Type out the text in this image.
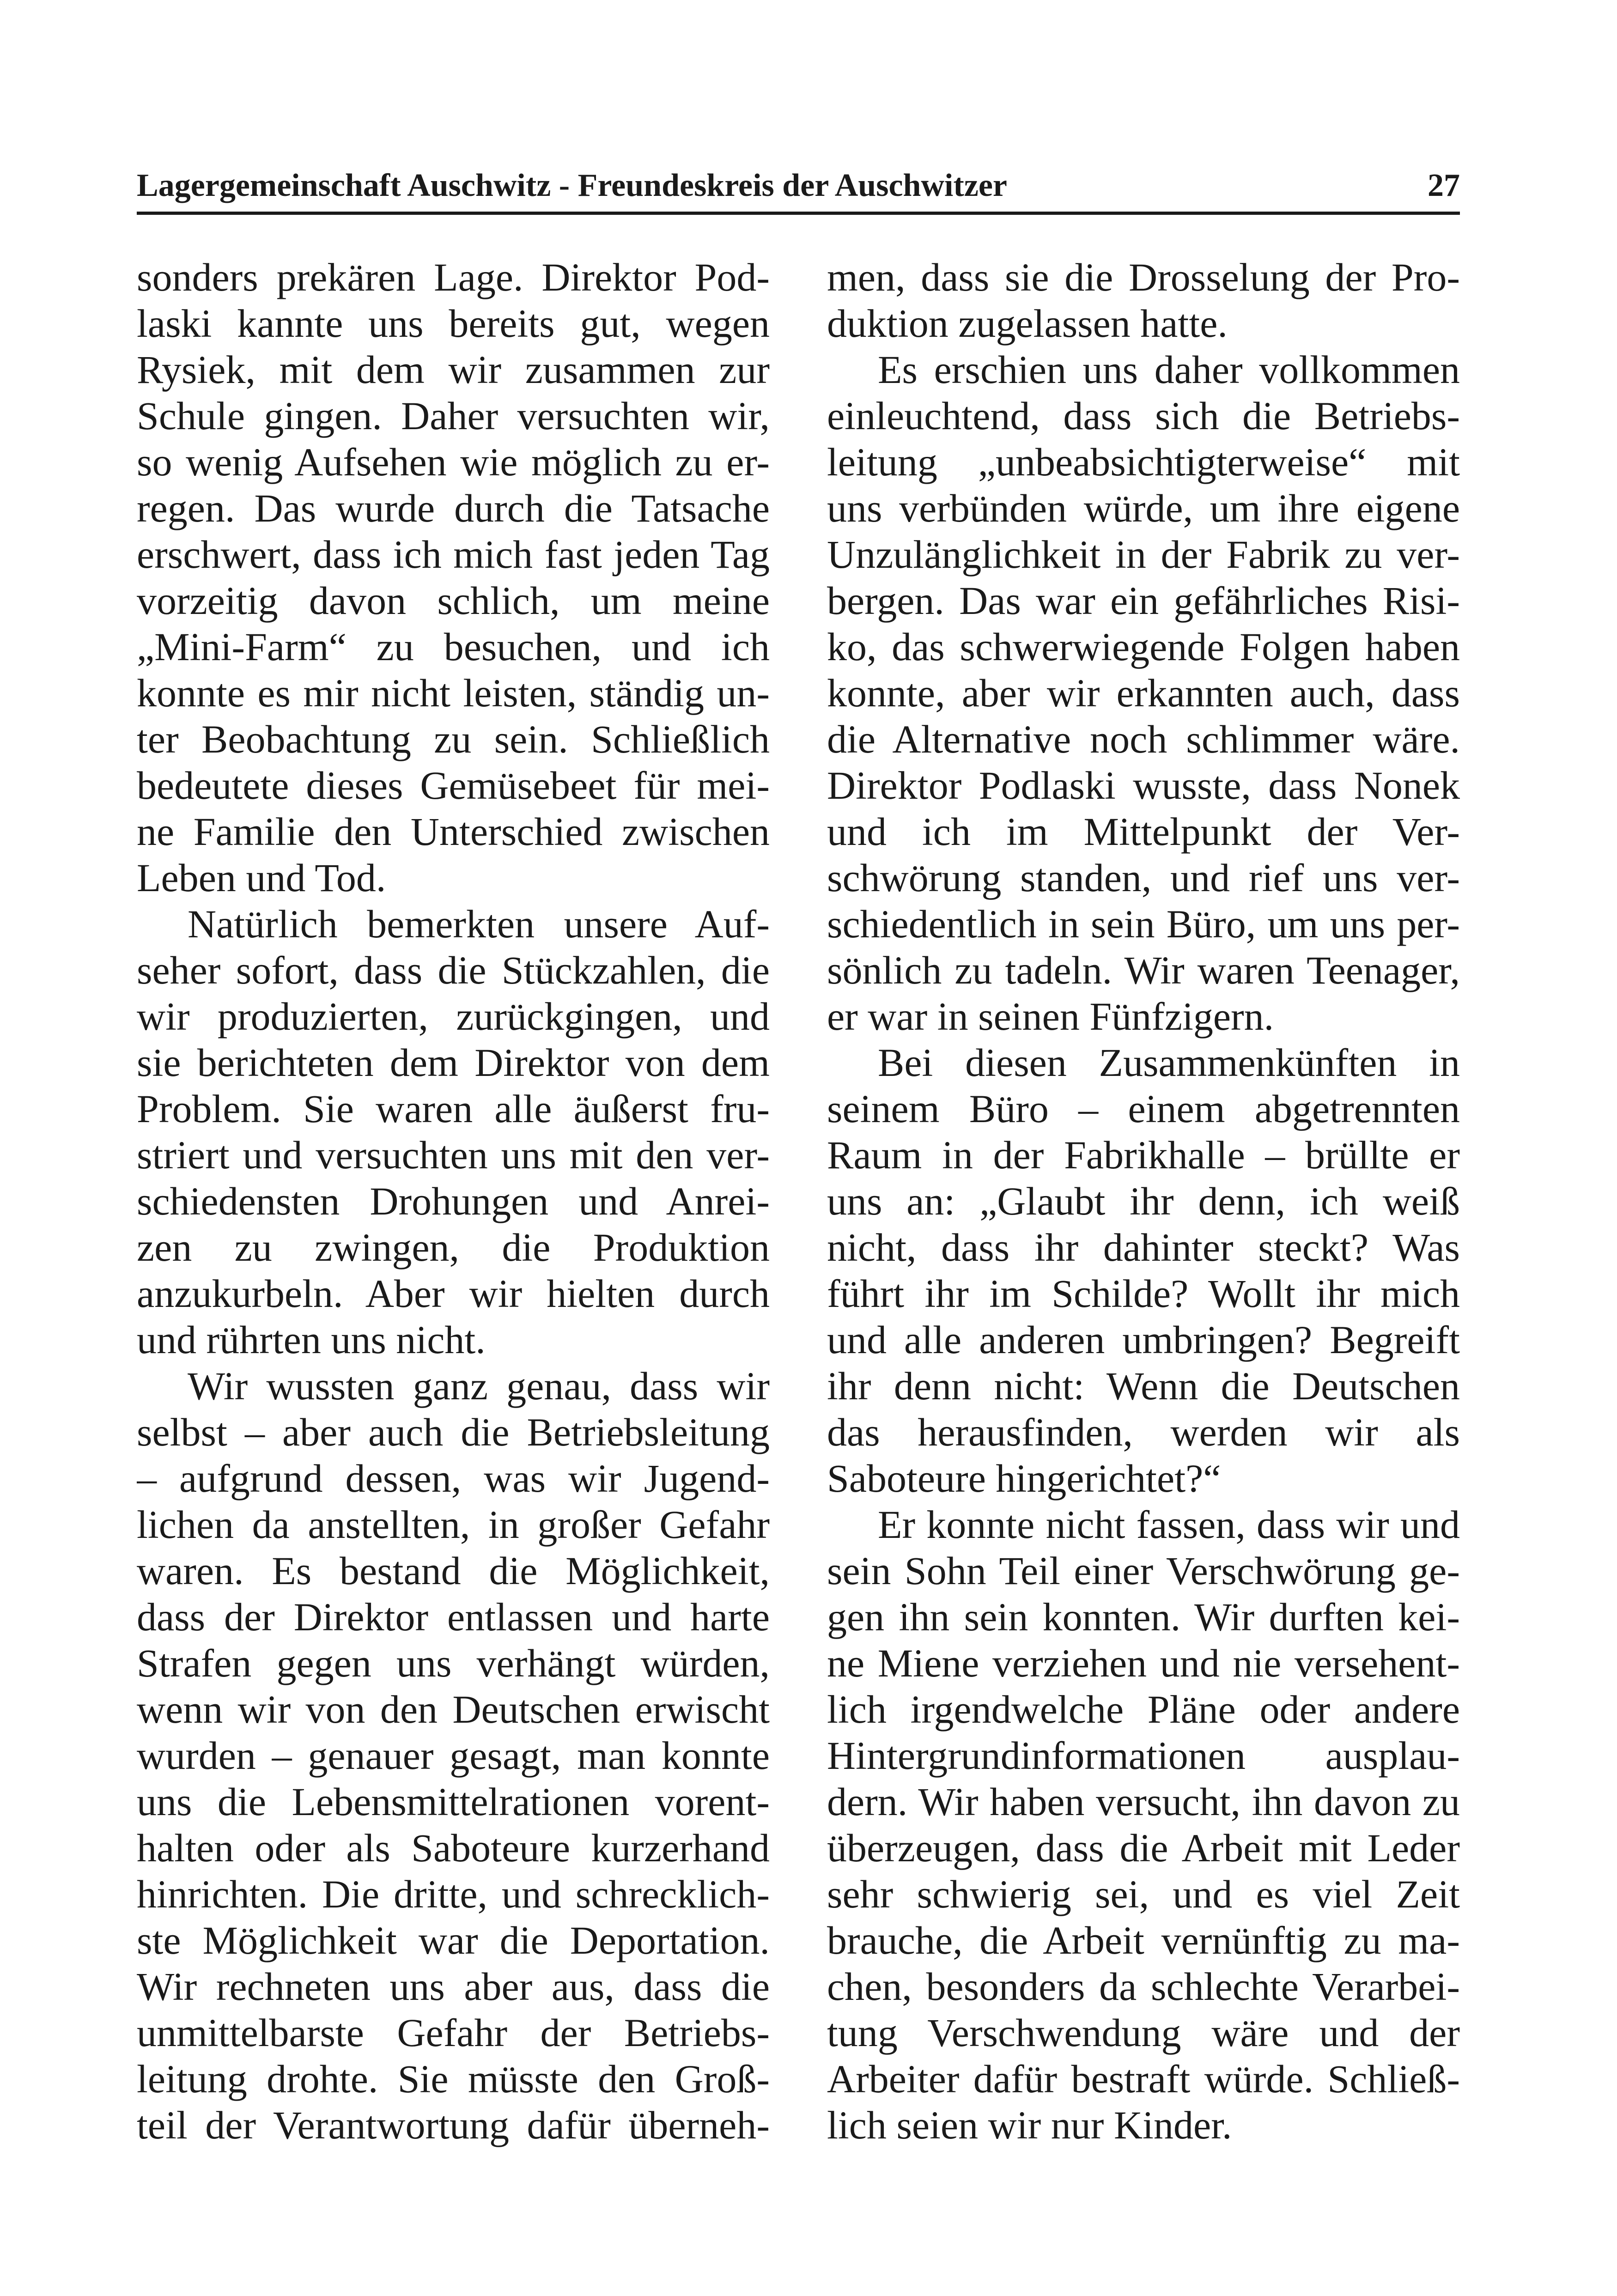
Lagergemeinschaft Auschwitz - Freundeskreis der Auschwitzer	27
sonders prekären Lage. Direktor Pod-
laski kannte uns bereits gut, wegen
Rysiek, mit dem wir zusammen zur
Schule gingen. Daher versuchten wir,
so wenig Aufsehen wie möglich zu er-
regen. Das wurde durch die Tatsache
erschwert, dass ich mich fast jeden Tag
vorzeitig davon schlich, um meine
„Mini-Farm“ zu besuchen, und ich
konnte es mir nicht leisten, ständig un-
ter Beobachtung zu sein. Schließlich
bedeutete dieses Gemüsebeet für mei-
ne Familie den Unterschied zwischen
Leben und Tod.
Natürlich bemerkten unsere Auf-
seher sofort, dass die Stückzahlen, die
wir produzierten, zurückgingen, und
sie berichteten dem Direktor von dem
Problem. Sie waren alle äußerst fru-
striert und versuchten uns mit den ver-
schiedensten Drohungen und Anrei-
zen zu zwingen, die Produktion
anzukurbeln. Aber wir hielten durch
und rührten uns nicht.
Wir wussten ganz genau, dass wir
selbst – aber auch die Betriebsleitung
– aufgrund dessen, was wir Jugend-
lichen da anstellten, in großer Gefahr
waren. Es bestand die Möglichkeit,
dass der Direktor entlassen und harte
Strafen gegen uns verhängt würden,
wenn wir von den Deutschen erwischt
wurden – genauer gesagt, man konnte
uns die Lebensmittelrationen vorent-
halten oder als Saboteure kurzerhand
hinrichten. Die dritte, und schrecklich-
ste Möglichkeit war die Deportation.
Wir rechneten uns aber aus, dass die
unmittelbarste Gefahr der Betriebs-
leitung drohte. Sie müsste den Groß-
teil der Verantwortung dafür überneh-
men, dass sie die Drosselung der Pro-
duktion zugelassen hatte.
Es erschien uns daher vollkommen
einleuchtend, dass sich die Betriebs-
leitung „unbeabsichtigterweise“ mit
uns verbünden würde, um ihre eigene
Unzulänglichkeit in der Fabrik zu ver-
bergen. Das war ein gefährliches Risi-
ko, das schwerwiegende Folgen haben
konnte, aber wir erkannten auch, dass
die Alternative noch schlimmer wäre.
Direktor Podlaski wusste, dass Nonek
und ich im Mittelpunkt der Ver-
schwörung standen, und rief uns ver-
schiedentlich in sein Büro, um uns per-
sönlich zu tadeln. Wir waren Teenager,
er war in seinen Fünfzigern.
Bei diesen Zusammenkünften in
seinem Büro – einem abgetrennten
Raum in der Fabrikhalle – brüllte er
uns an: „Glaubt ihr denn, ich weiß
nicht, dass ihr dahinter steckt? Was
führt ihr im Schilde? Wollt ihr mich
und alle anderen umbringen? Begreift
ihr denn nicht: Wenn die Deutschen
das herausfinden, werden wir als
Saboteure hingerichtet?“
Er konnte nicht fassen, dass wir und
sein Sohn Teil einer Verschwörung ge-
gen ihn sein konnten. Wir durften kei-
ne Miene verziehen und nie versehent-
lich irgendwelche Pläne oder andere
Hintergrundinformationen ausplau-
dern. Wir haben versucht, ihn davon zu
überzeugen, dass die Arbeit mit Leder
sehr schwierig sei, und es viel Zeit
brauche, die Arbeit vernünftig zu ma-
chen, besonders da schlechte Verarbei-
tung Verschwendung wäre und der
Arbeiter dafür bestraft würde. Schließ-
lich seien wir nur Kinder.
